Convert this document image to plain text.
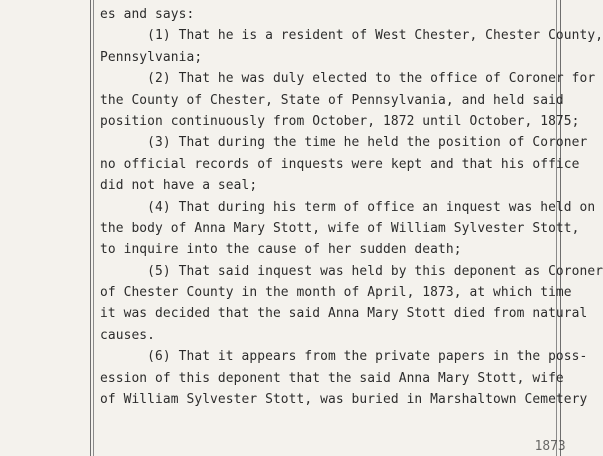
es and says:
(1) That he is a resident of West Chester, Chester County,
Pennsylvania;
(2) That he was duly elected to the office of Coroner for
the County of Chester, State of Pennsylvania, and held said
position continuously from October, 1872 until October, 1875;
(3) That during the time he held the position of Coroner
no official records of inquests were kept and that his office
did not have a seal;
(4) That during his term of office an inquest was held on
the body of Anna Mary Stott, wife of William Sylvester Stott,
to inquire into the cause of her sudden death;
(5) That said inquest was held by this deponent as Coroner
of Chester County in the month of April, 1873, at which time
it was decided that the said Anna Mary Stott died from natural
causes.
(6) That it appears from the private papers in the poss-
ession of this deponent that the said Anna Mary Stott, wife
of William Sylvester Stott, was buried in Marshaltown Cemetery
1873
